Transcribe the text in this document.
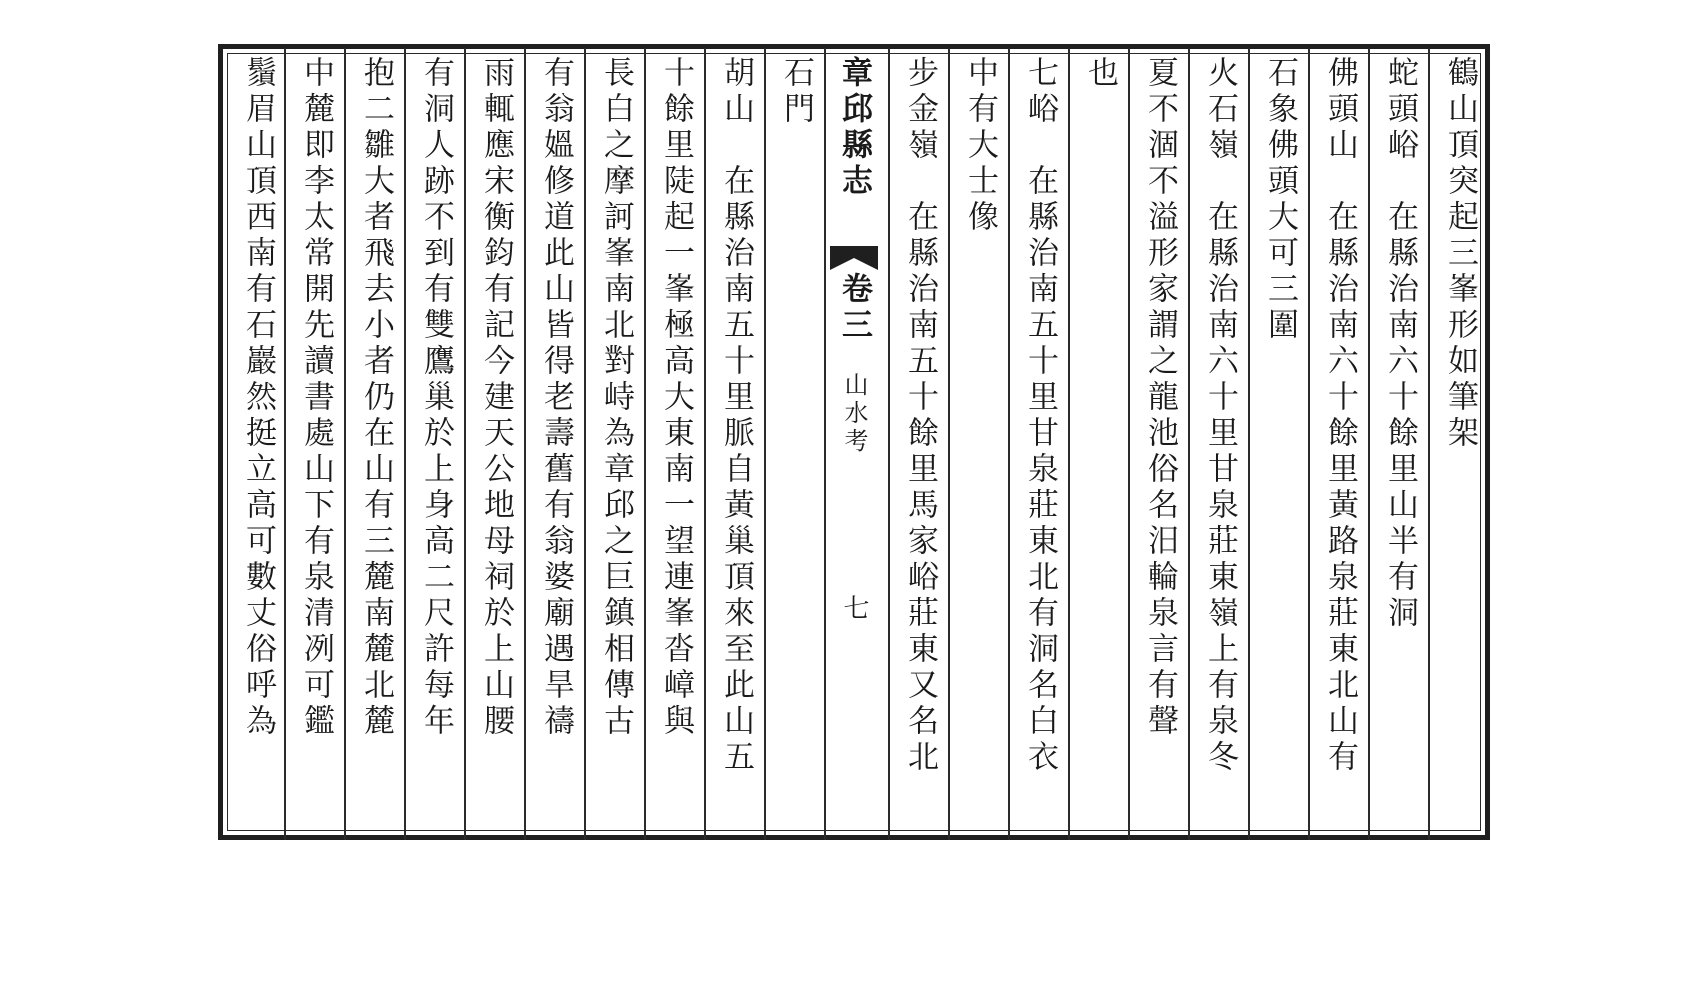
鶴山頂突起三峯形如筆架
蛇頭峪　在縣治南六十餘里山半有洞
佛頭山　在縣治南六十餘里黃路泉莊東北山有
石象佛頭大可三圍
火石嶺　在縣治南六十里甘泉莊東嶺上有泉冬
夏不涸不溢形家謂之龍池俗名汨輪泉言有聲
也
七峪　在縣治南五十里甘泉莊東北有洞名白衣
中有大士像
步金嶺　在縣治南五十餘里馬家峪莊東又名北
章邱縣志
卷三
山水考
七
石門
胡山　在縣治南五十里脈自黃巢頂來至此山五
十餘里陡起一峯極高大東南一望連峯沓嶂與
長白之摩訶峯南北對峙為章邱之巨鎮相傳古
有翁媼修道此山皆得老壽舊有翁婆廟遇旱禱
雨輒應宋衡鈞有記今建天公地母祠於上山腰
有洞人跡不到有雙鷹巢於上身高二尺許每年
抱二雛大者飛去小者仍在山有三麓南麓北麓
中麓即李太常開先讀書處山下有泉清冽可鑑
鬚眉山頂西南有石巖然挺立高可數丈俗呼為
